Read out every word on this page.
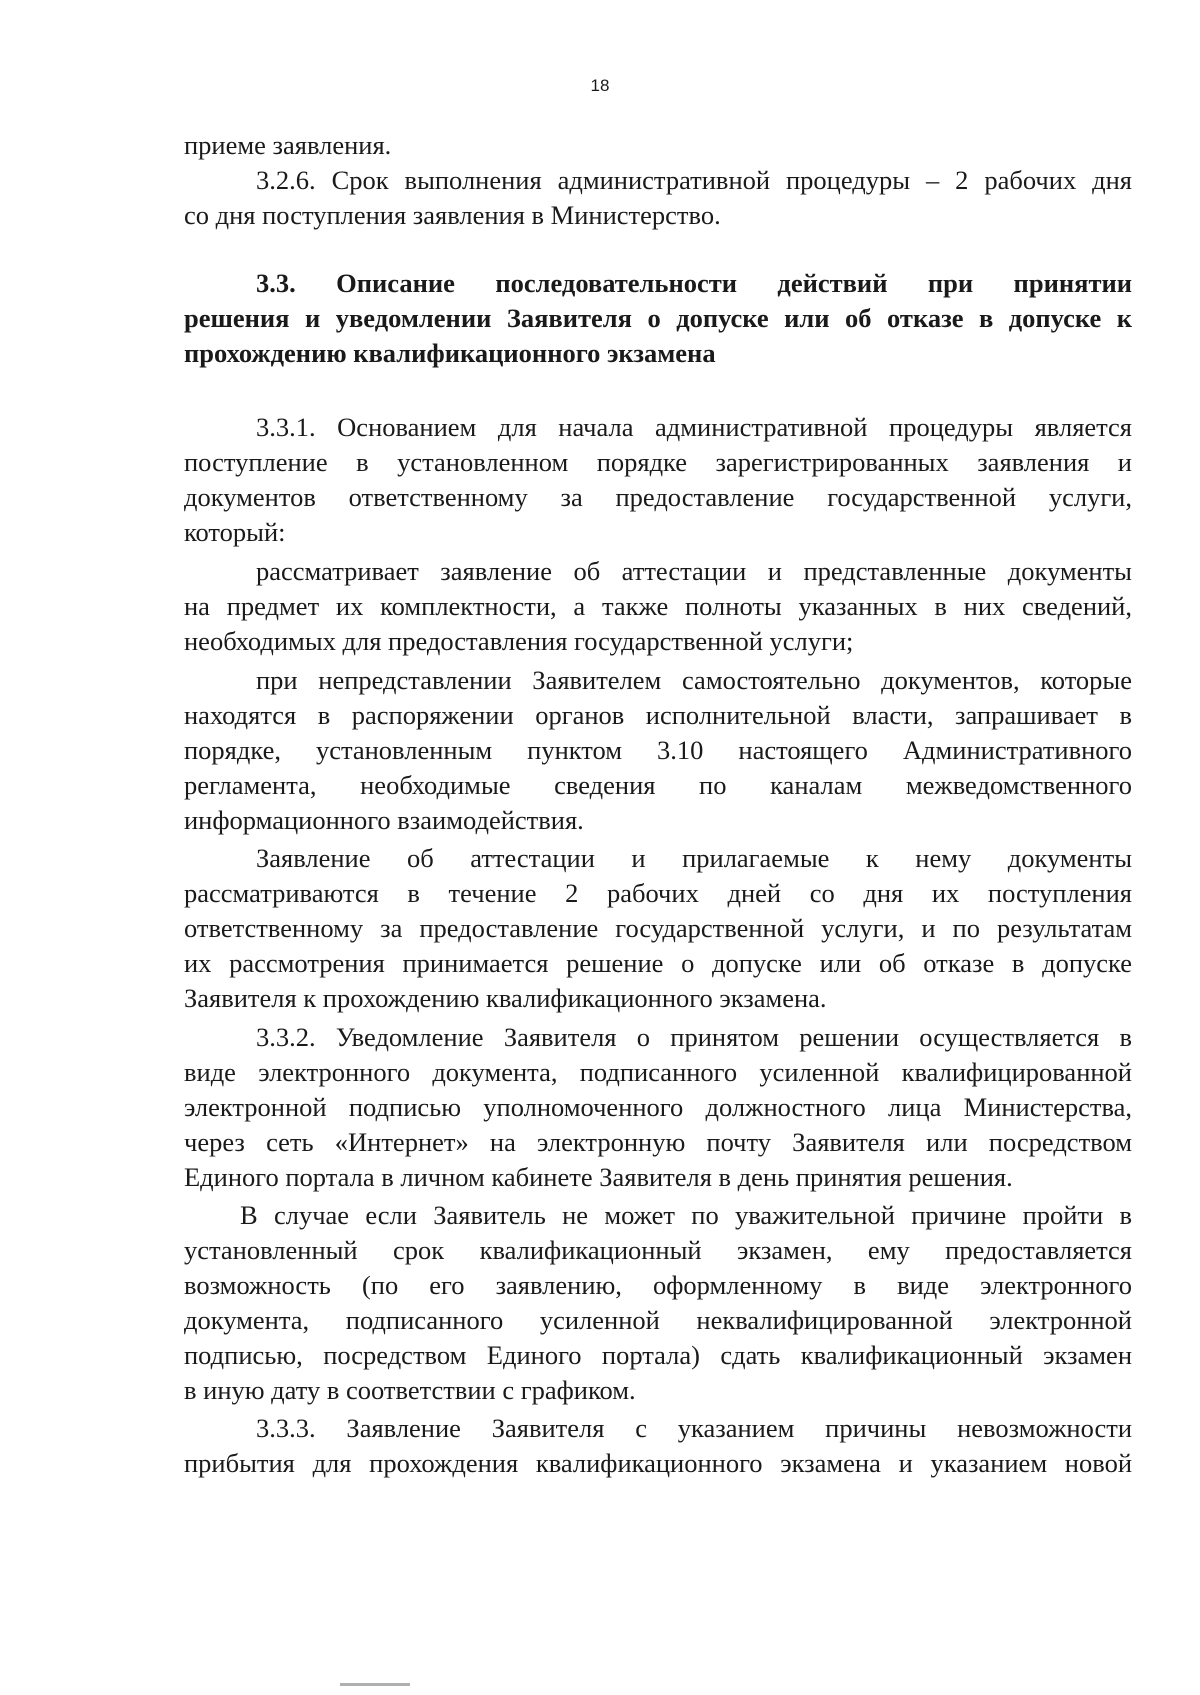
18
приеме заявления.
3.2.6. Срок выполнения административной процедуры – 2 рабочих дня
со дня поступления заявления в Министерство.
3.3. Описание последовательности действий при принятии
решения и уведомлении Заявителя о допуске или об отказе в допуске к
прохождению квалификационного экзамена
3.3.1. Основанием для начала административной процедуры является
поступление в установленном порядке зарегистрированных заявления и
документов ответственному за предоставление государственной услуги,
который:
рассматривает заявление об аттестации и представленные документы
на предмет их комплектности, а также полноты указанных в них сведений,
необходимых для предоставления государственной услуги;
при непредставлении Заявителем самостоятельно документов, которые
находятся в распоряжении органов исполнительной власти, запрашивает в
порядке, установленным пунктом 3.10 настоящего Административного
регламента, необходимые сведения по каналам межведомственного
информационного взаимодействия.
Заявление об аттестации и прилагаемые к нему документы
рассматриваются в течение 2 рабочих дней со дня их поступления
ответственному за предоставление государственной услуги, и по результатам
их рассмотрения принимается решение о допуске или об отказе в допуске
Заявителя к прохождению квалификационного экзамена.
3.3.2. Уведомление Заявителя о принятом решении осуществляется в
виде электронного документа, подписанного усиленной квалифицированной
электронной подписью уполномоченного должностного лица Министерства,
через сеть «Интернет» на электронную почту Заявителя или посредством
Единого портала в личном кабинете Заявителя в день принятия решения.
В случае если Заявитель не может по уважительной причине пройти в
установленный срок квалификационный экзамен, ему предоставляется
возможность (по его заявлению, оформленному в виде электронного
документа, подписанного усиленной неквалифицированной электронной
подписью, посредством Единого портала) сдать квалификационный экзамен
в иную дату в соответствии с графиком.
3.3.3. Заявление Заявителя с указанием причины невозможности
прибытия для прохождения квалификационного экзамена и указанием новой
